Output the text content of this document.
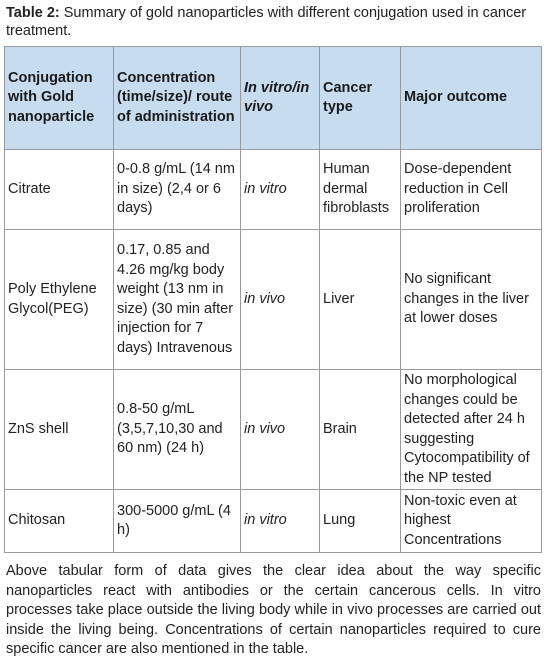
Table 2: Summary of gold nanoparticles with different conjugation used in cancer treatment.
Conjugation with Gold nanoparticle	Concentration (time/size)/ route of administration	In vitro/in vivo	Cancer type	Major outcome
Citrate	0-0.8 g/mL (14 nm in size) (2,4 or 6 days)	in vitro	Human dermal fibroblasts	Dose-dependent reduction in Cell proliferation
Poly Ethylene Glycol(PEG)	0.17, 0.85 and 4.26 mg/kg body weight (13 nm in size) (30 min after injection for 7 days) Intravenous	in vivo	Liver	No significant changes in the liver at lower doses
ZnS shell	0.8-50 g/mL (3,5,7,10,30 and 60 nm) (24 h)	in vivo	Brain	No morphological changes could be detected after 24 h suggesting Cytocompatibility of the NP tested
Chitosan	300-5000 g/mL (4 h)	in vitro	Lung	Non-toxic even at highest Concentrations

Above tabular form of data gives the clear idea about the way specific nanoparticles react with antibodies or the certain cancerous cells. In vitro processes take place outside the living body while in vivo processes are carried out inside the living being. Concentrations of certain nanoparticles required to cure specific cancer are also mentioned in the table.
